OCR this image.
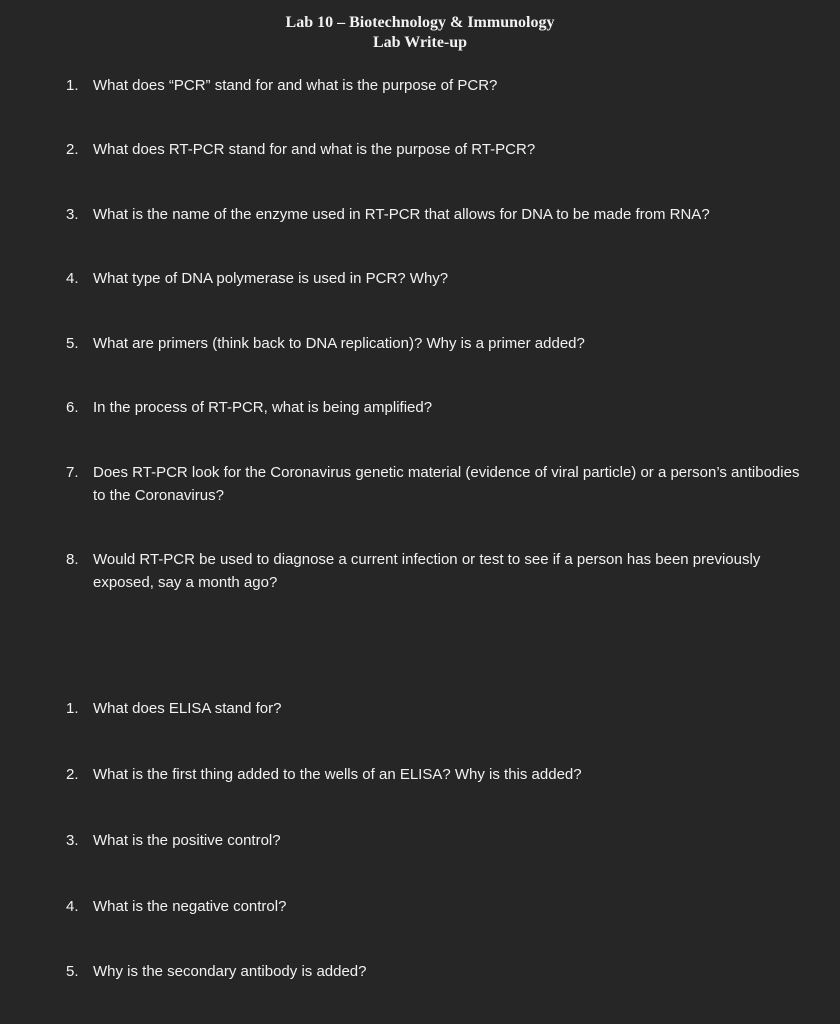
Lab 10 – Biotechnology & Immunology
Lab Write-up
1. What does “PCR” stand for and what is the purpose of PCR?
2. What does RT-PCR stand for and what is the purpose of RT-PCR?
3. What is the name of the enzyme used in RT-PCR that allows for DNA to be made from RNA?
4. What type of DNA polymerase is used in PCR? Why?
5. What are primers (think back to DNA replication)? Why is a primer added?
6. In the process of RT-PCR, what is being amplified?
7. Does RT-PCR look for the Coronavirus genetic material (evidence of viral particle) or a person’s antibodies to the Coronavirus?
8. Would RT-PCR be used to diagnose a current infection or test to see if a person has been previously exposed, say a month ago?
1. What does ELISA stand for?
2. What is the first thing added to the wells of an ELISA? Why is this added?
3. What is the positive control?
4. What is the negative control?
5. Why is the secondary antibody is added?
